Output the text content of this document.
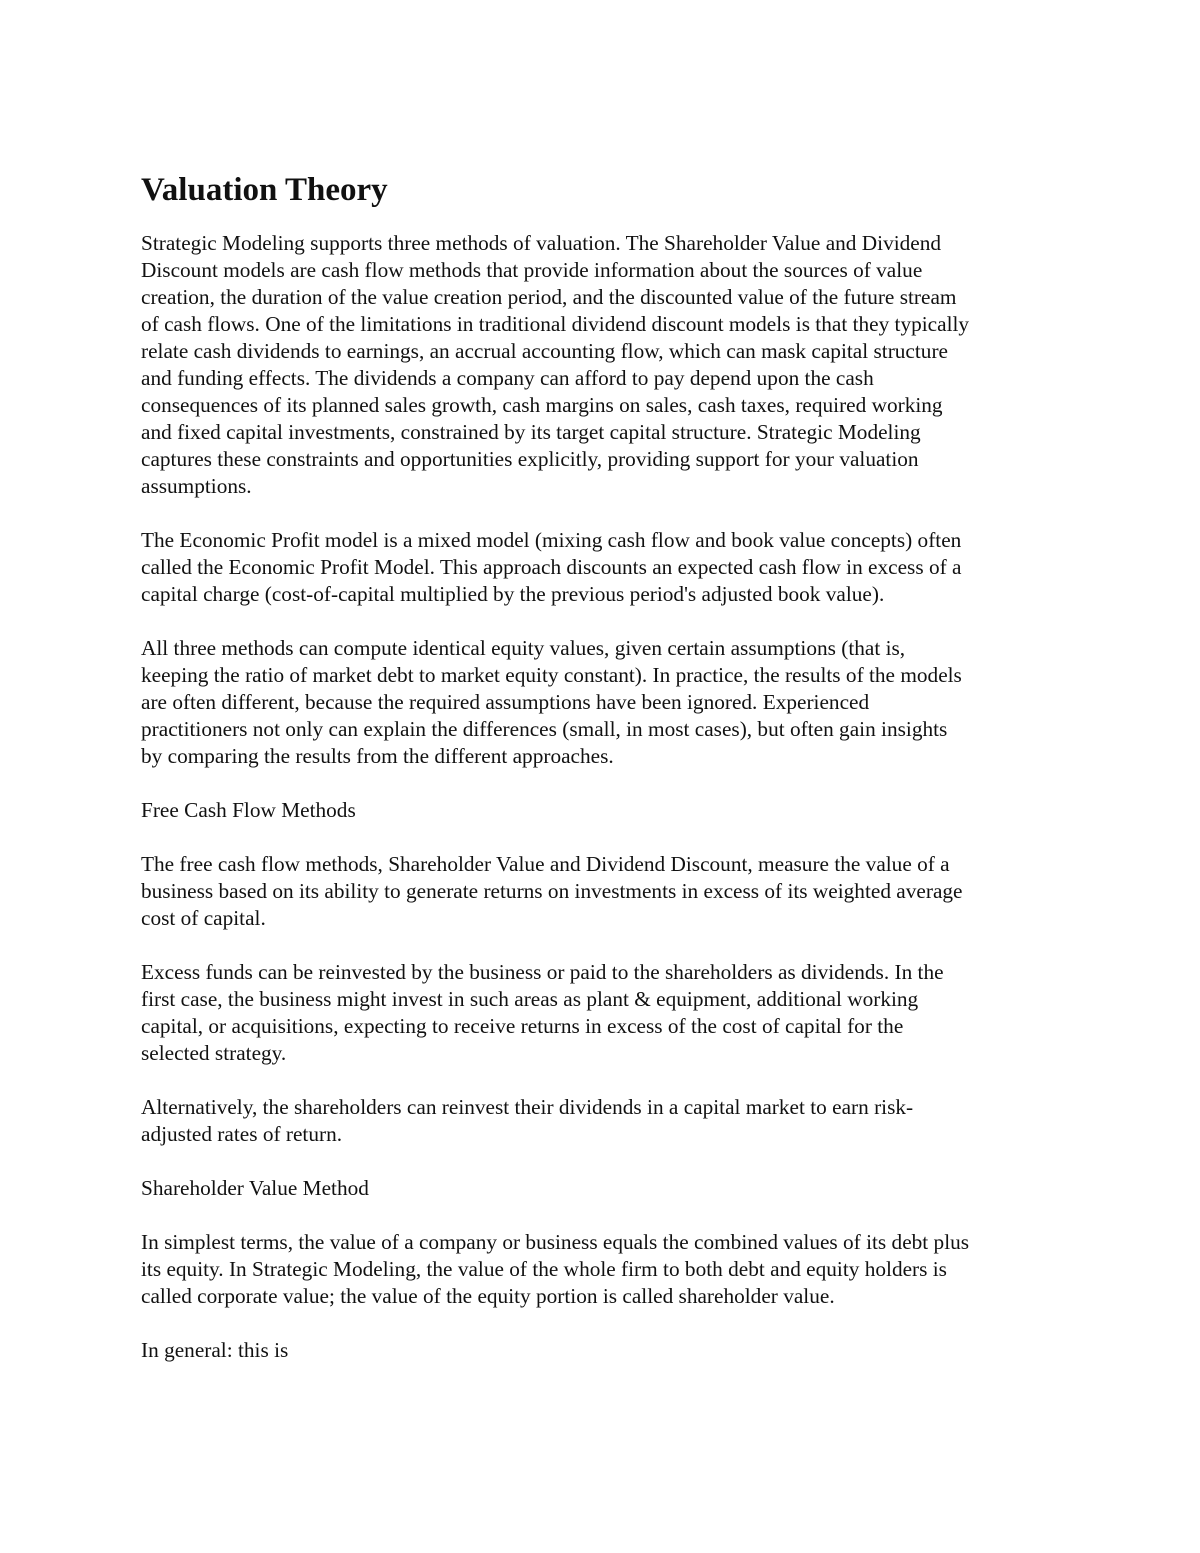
Valuation Theory
Strategic Modeling supports three methods of valuation. The Shareholder Value and Dividend
Discount models are cash flow methods that provide information about the sources of value
creation, the duration of the value creation period, and the discounted value of the future stream
of cash flows. One of the limitations in traditional dividend discount models is that they typically
relate cash dividends to earnings, an accrual accounting flow, which can mask capital structure
and funding effects. The dividends a company can afford to pay depend upon the cash
consequences of its planned sales growth, cash margins on sales, cash taxes, required working
and fixed capital investments, constrained by its target capital structure. Strategic Modeling
captures these constraints and opportunities explicitly, providing support for your valuation
assumptions.
The Economic Profit model is a mixed model (mixing cash flow and book value concepts) often
called the Economic Profit Model. This approach discounts an expected cash flow in excess of a
capital charge (cost-of-capital multiplied by the previous period's adjusted book value).
All three methods can compute identical equity values, given certain assumptions (that is,
keeping the ratio of market debt to market equity constant). In practice, the results of the models
are often different, because the required assumptions have been ignored. Experienced
practitioners not only can explain the differences (small, in most cases), but often gain insights
by comparing the results from the different approaches.
Free Cash Flow Methods
The free cash flow methods, Shareholder Value and Dividend Discount, measure the value of a
business based on its ability to generate returns on investments in excess of its weighted average
cost of capital.
Excess funds can be reinvested by the business or paid to the shareholders as dividends. In the
first case, the business might invest in such areas as plant & equipment, additional working
capital, or acquisitions, expecting to receive returns in excess of the cost of capital for the
selected strategy.
Alternatively, the shareholders can reinvest their dividends in a capital market to earn risk-
adjusted rates of return.
Shareholder Value Method
In simplest terms, the value of a company or business equals the combined values of its debt plus
its equity. In Strategic Modeling, the value of the whole firm to both debt and equity holders is
called corporate value; the value of the equity portion is called shareholder value.
In general: this is
